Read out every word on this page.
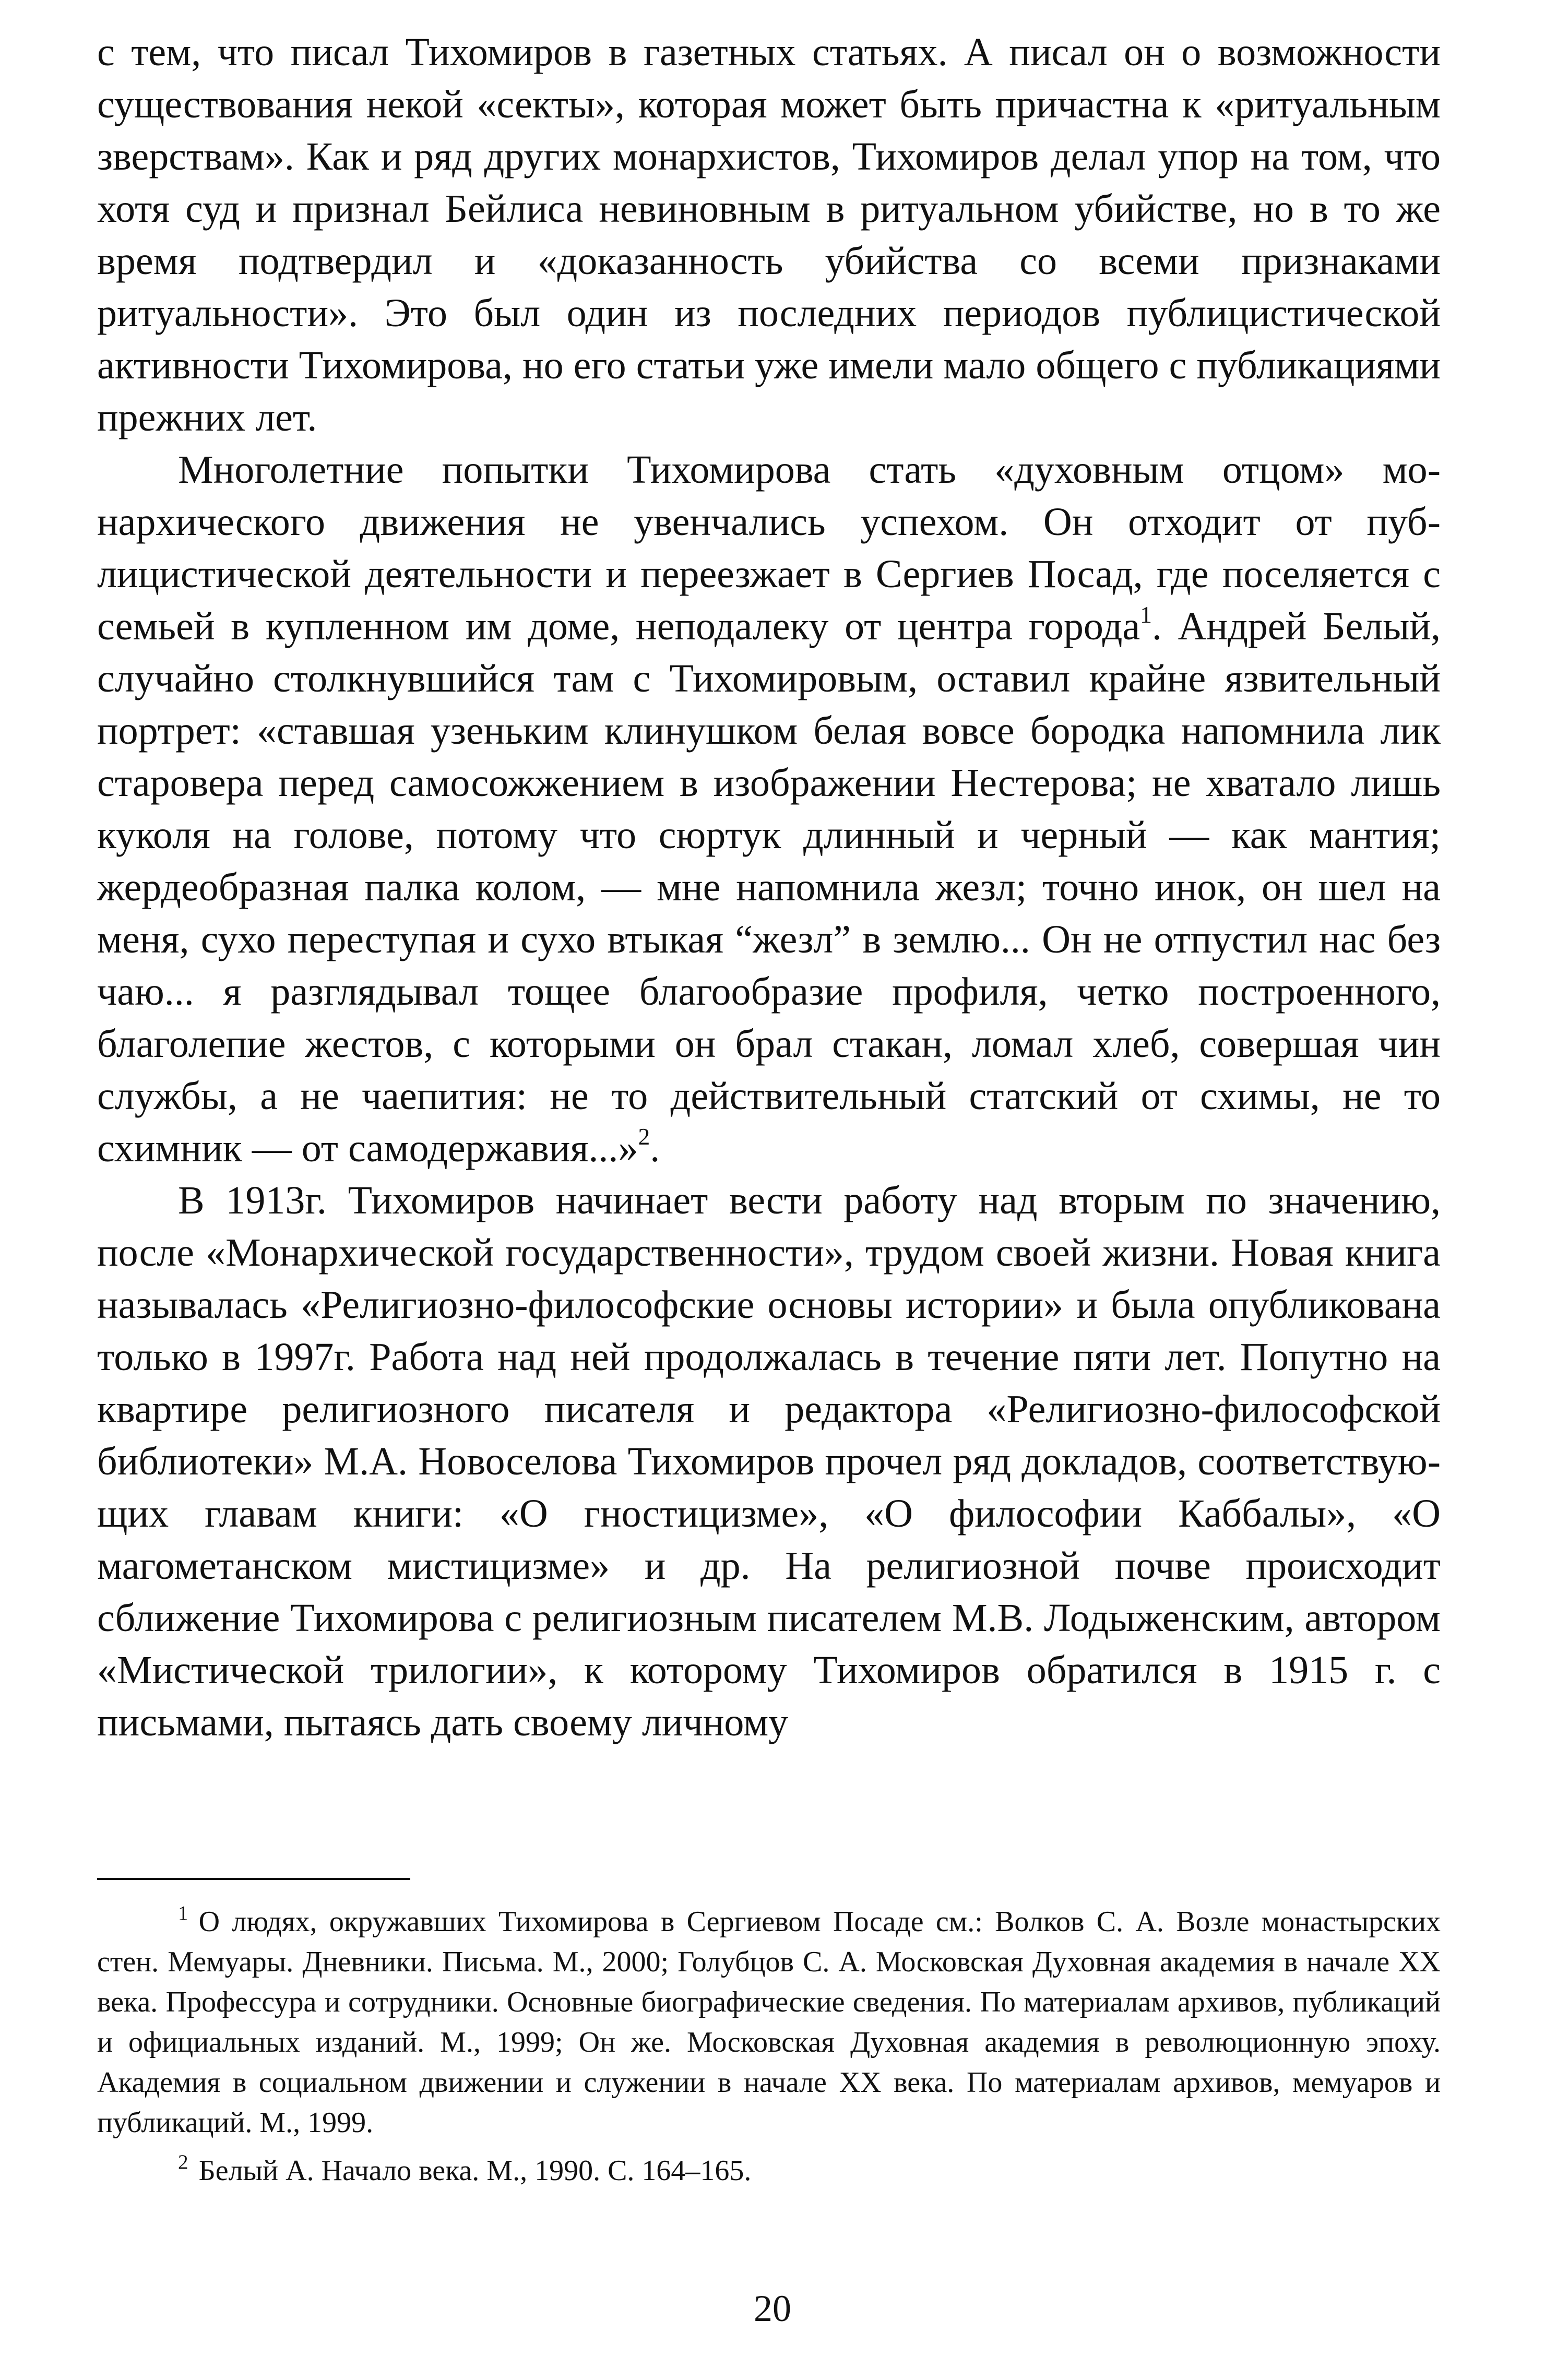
с тем, что писал Тихомиров в газетных статьях. А писал он о возможности существования некой «секты», которая может быть причастна к «ритуальным зверствам». Как и ряд других монархистов, Тихомиров делал упор на том, что хотя суд и признал Бейлиса невиновным в ритуальном убийстве, но в то же время подтвердил и «доказанность убийства со всеми признаками ритуальности». Это был один из последних периодов публицистической активности Тихомирова, но его статьи уже имели мало общего с публикациями прежних лет.

Многолетние попытки Тихомирова стать «духовным отцом» монархического движения не увенчались успехом. Он отходит от публицистической деятельности и переезжает в Сергиев Посад, где поселяется с семьей в купленном им доме, неподалеку от центра города$^1$. Андрей Белый, случайно столкнувшийся там с Тихомировым, оставил крайне язвительный портрет: «ставшая узеньким клинушком белая вовсе бородка напомнила лик старовера перед самосожжением в изображении Нестерова; не хватало лишь куколя на голове, потому что сюртук длинный и черный — как мантия; жердеобразная палка колом, — мне напомнила жезл; точно инок, он шел на меня, сухо переступая и сухо втыкая “жезл” в землю... Он не отпустил нас без чаю... я разглядывал тощее благообразие профиля, четко построенного, благолепие жестов, с которыми он брал стакан, ломал хлеб, совершая чин службы, а не чаепития: не то действительный статский от схимы, не то схимник — от самодержавия...»$^2$.

В 1913г. Тихомиров начинает вести работу над вторым по значению, после «Монархической государственности», трудом своей жизни. Новая книга называлась «Религиозно-философские основы истории» и была опубликована только в 1997г. Работа над ней продолжалась в течение пяти лет. Попутно на квартире религиозного писателя и редактора «Религиозно-философской библиотеки» М.А. Новоселова Тихомиров прочел ряд докладов, соответствующих главам книги: «О гностицизме», «О философии Каббалы», «О магометанском мистицизме» и др. На религиозной почве происходит сближение Тихомирова с религиозным писателем М.В. Лодыженским, автором «Мистической трилогии», к которому Тихомиров обратился в 1915 г. с письмами, пытаясь дать своему личному

$^1$ О людях, окружавших Тихомирова в Сергиевом Посаде см.: Волков С. А. Возле монастырских стен. Мемуары. Дневники. Письма. М., 2000; Голубцов С. А. Московская Духовная академия в начале XX века. Профессура и сотрудники. Основные биографические сведения. По материалам архивов, публикаций и официальных изданий. М., 1999; Он же. Московская Духовная академия в революционную эпоху. Академия в социальном движении и служении в начале XX века. По материалам архивов, мемуаров и публикаций. М., 1999.

$^2$ Белый А. Начало века. М., 1990. С. 164–165.

20
